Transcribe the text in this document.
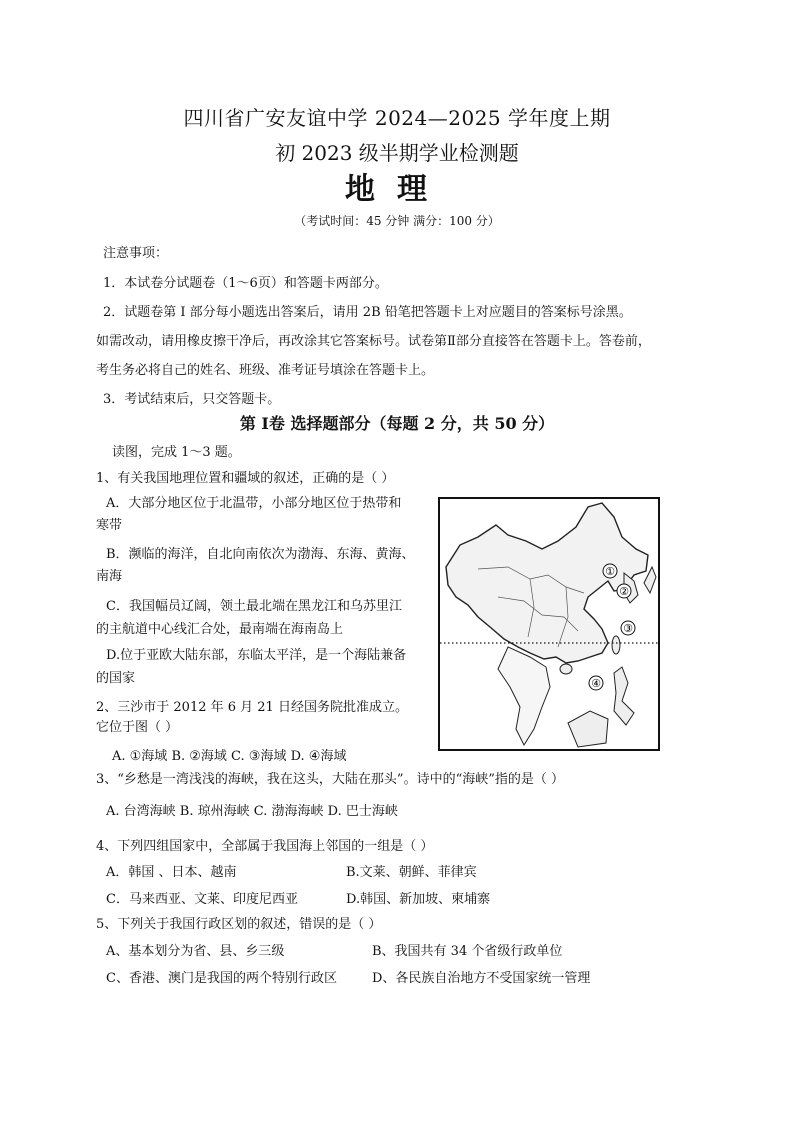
四川省广安友谊中学 2024—2025 学年度上期
初 2023 级半期学业检测题
地理
（考试时间：45 分钟 满分：100 分）
注意事项：
1．本试卷分试题卷（1～6页）和答题卡两部分。
2．试题卷第 Ⅰ 部分每小题选出答案后，请用 2B 铅笔把答题卡上对应题目的答案标号涂黑。
如需改动，请用橡皮擦干净后，再改涂其它答案标号。试卷第Ⅱ部分直接答在答题卡上。答卷前，
考生务必将自己的姓名、班级、准考证号填涂在答题卡上。
3．考试结束后，只交答题卡。
第 Ⅰ卷 选择题部分（每题 2 分，共 50 分）
读图，完成 1～3 题。
1、有关我国地理位置和疆域的叙述，正确的是（ ）
A．大部分地区位于北温带，小部分地区位于热带和
寒带
B．濒临的海洋，自北向南依次为渤海、东海、黄海、
南海
C．我国幅员辽阔，领土最北端在黑龙江和乌苏里江
的主航道中心线汇合处，最南端在海南岛上
D.位于亚欧大陆东部，东临太平洋，是一个海陆兼备
的国家
2、三沙市于 2012 年 6 月 21 日经国务院批准成立。
它位于图（ ）
A. ①海域 B. ②海域 C. ③海域 D. ④海域
3、“乡愁是一湾浅浅的海峡，我在这头，大陆在那头”。诗中的“海峡”指的是（ ）
A. 台湾海峡 B. 琼州海峡 C. 渤海海峡 D. 巴士海峡
4、下列四组国家中，全部属于我国海上邻国的一组是（ ）
A．韩国 、日本、越南	B.文莱、朝鲜、菲律宾
C．马来西亚、文莱、印度尼西亚	D.韩国、新加坡、柬埔寨
5、下列关于我国行政区划的叙述，错误的是（ ）
A、基本划分为省、县、乡三级	B、我国共有 34 个省级行政单位
C、香港、澳门是我国的两个特别行政区	D、各民族自治地方不受国家统一管理
①
②
③
④
